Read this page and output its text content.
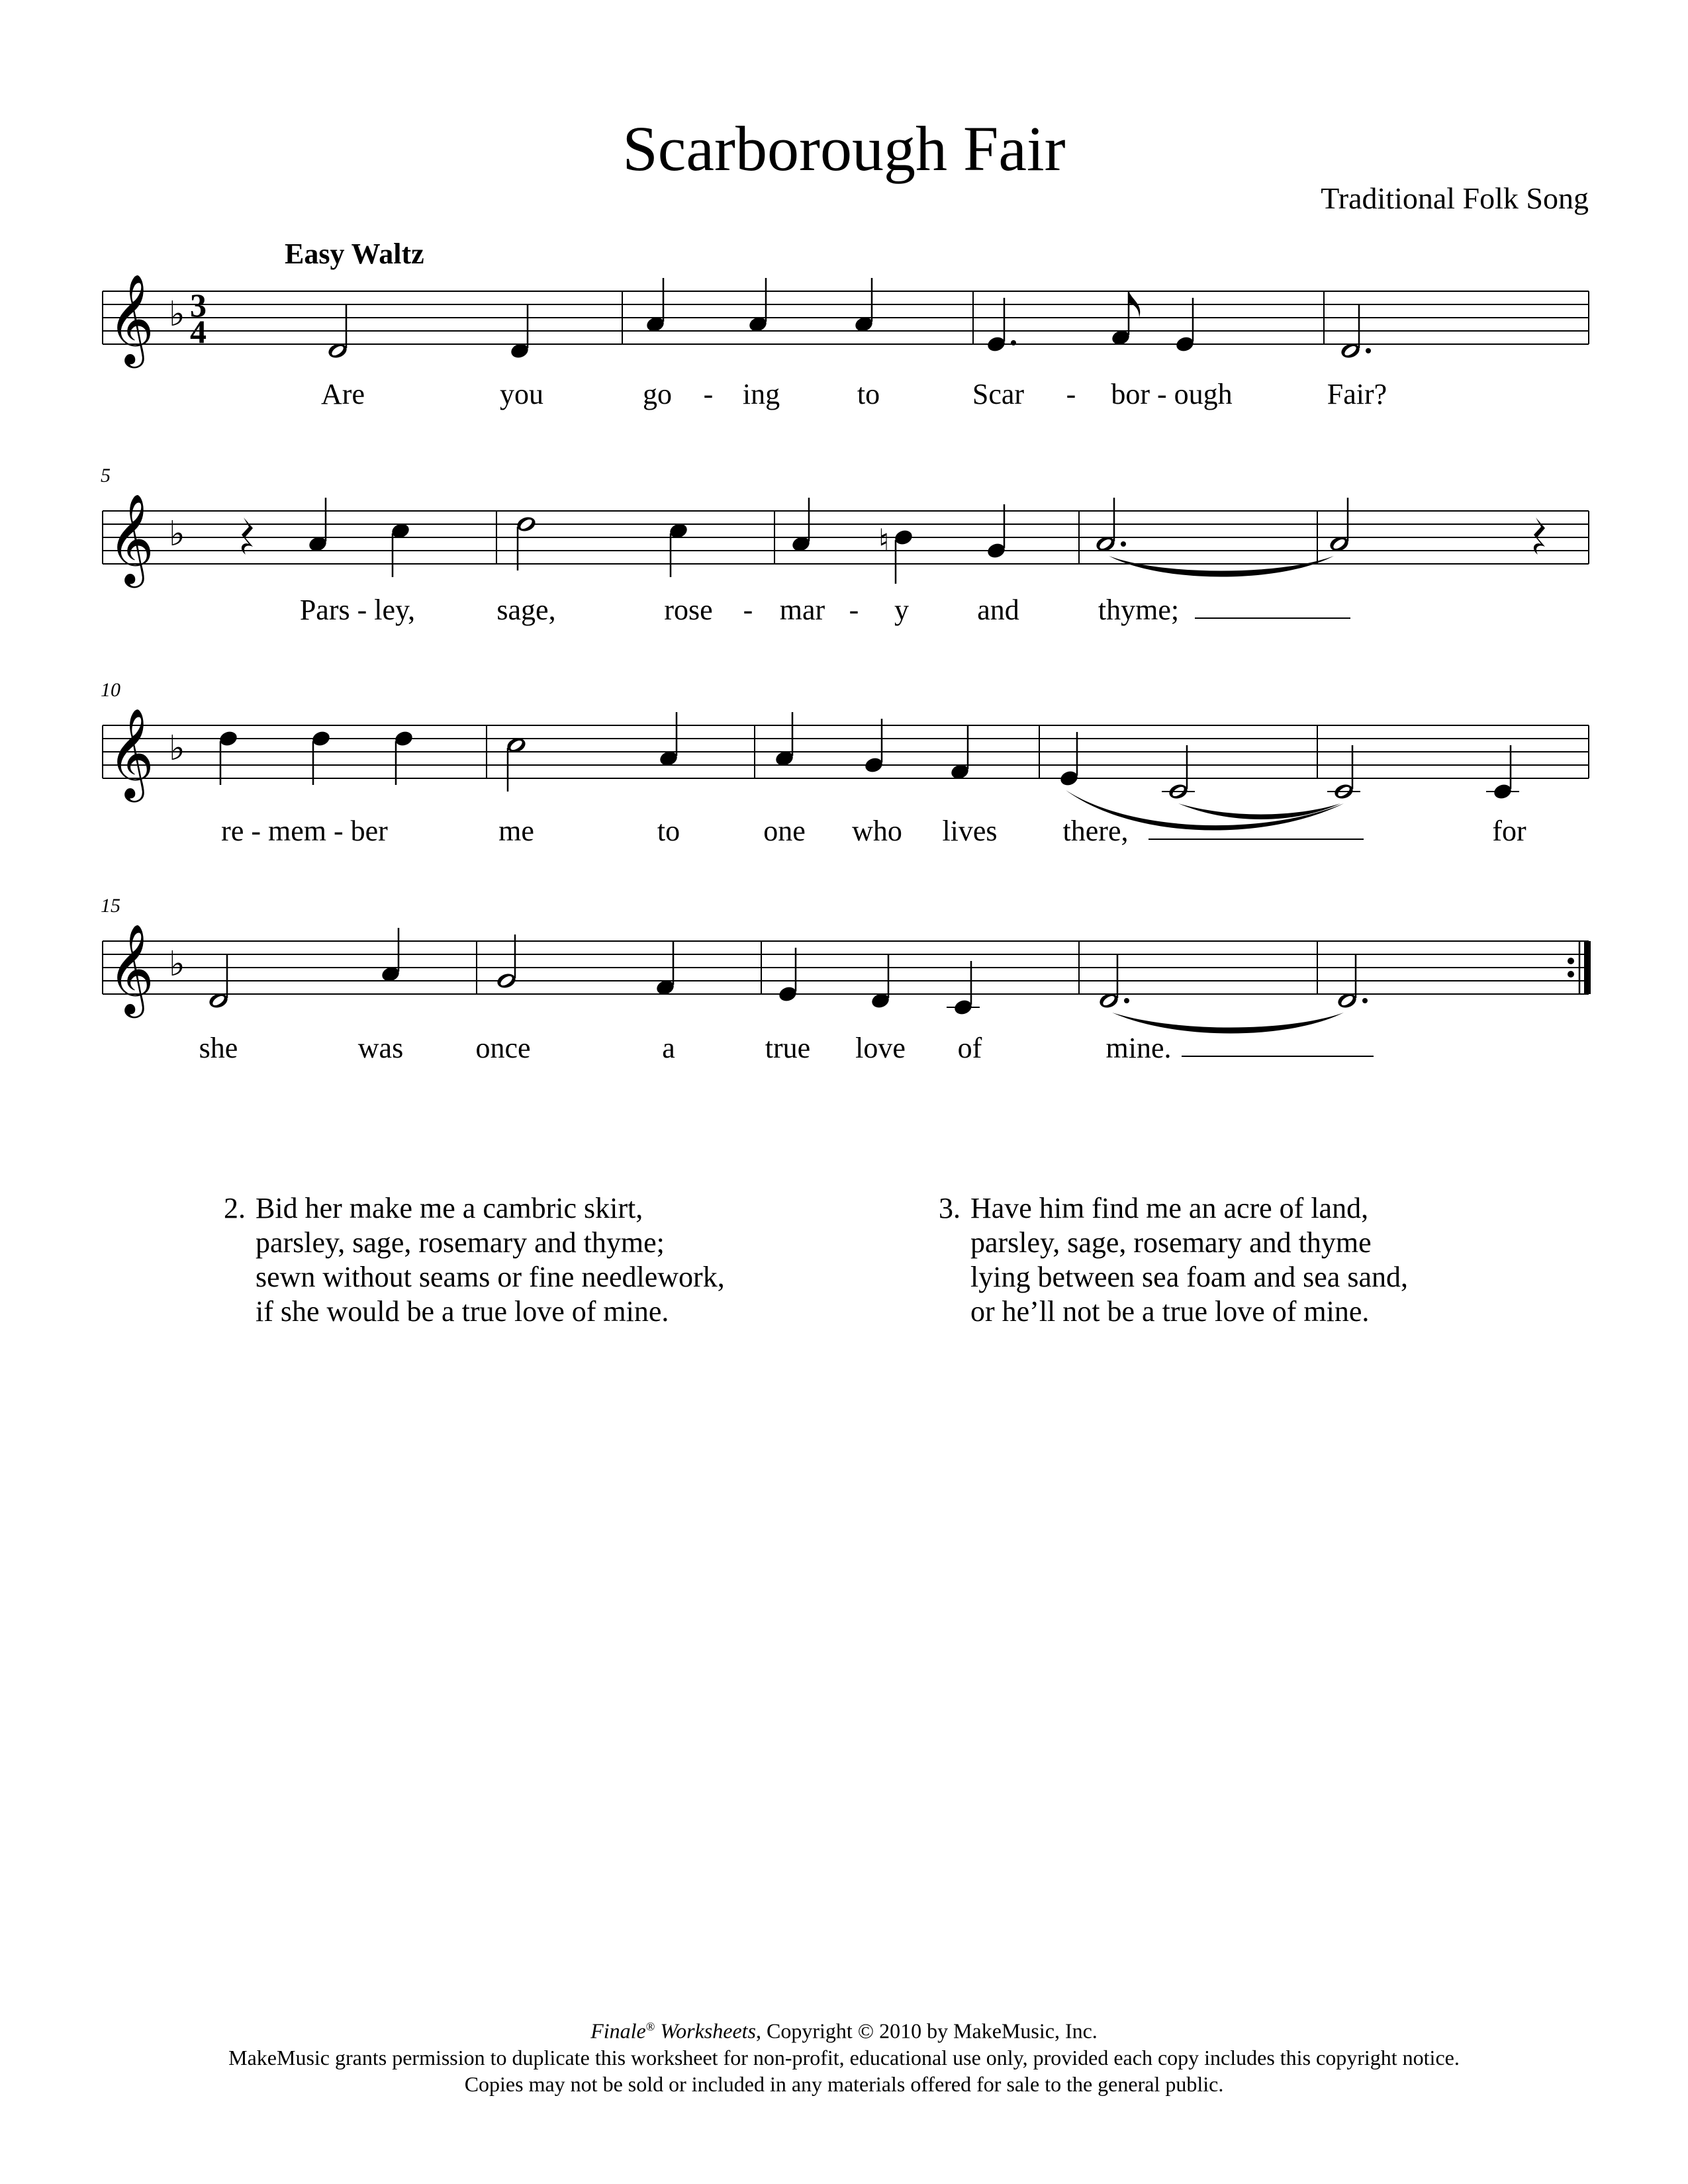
Scarborough Fair
Traditional Folk Song
𝄞 ♭ 3
4
Easy Waltz
Are	you	go - ing	to	Scar - bor - ough	Fair?
𝄞 ♭	♮
5
Pars - ley,	sage,	rose - mar - y and	thyme;
𝄞 ♭
10
re - mem - ber	me	to	one who lives there,	for
𝄞 ♭
15
she	was once	a	true love of	mine.
2. Bid her make me a cambric skirt,
parsley, sage, rosemary and thyme;
sewn without seams or fine needlework,
if she would be a true love of mine.
3. Have him find me an acre of land,
parsley, sage, rosemary and thyme
lying between sea foam and sea sand,
or he’ll not be a true love of mine.
Finale® Worksheets, Copyright © 2010 by MakeMusic, Inc.
MakeMusic grants permission to duplicate this worksheet for non-profit, educational use only, provided each copy includes this copyright notice.
Copies may not be sold or included in any materials offered for sale to the general public.
